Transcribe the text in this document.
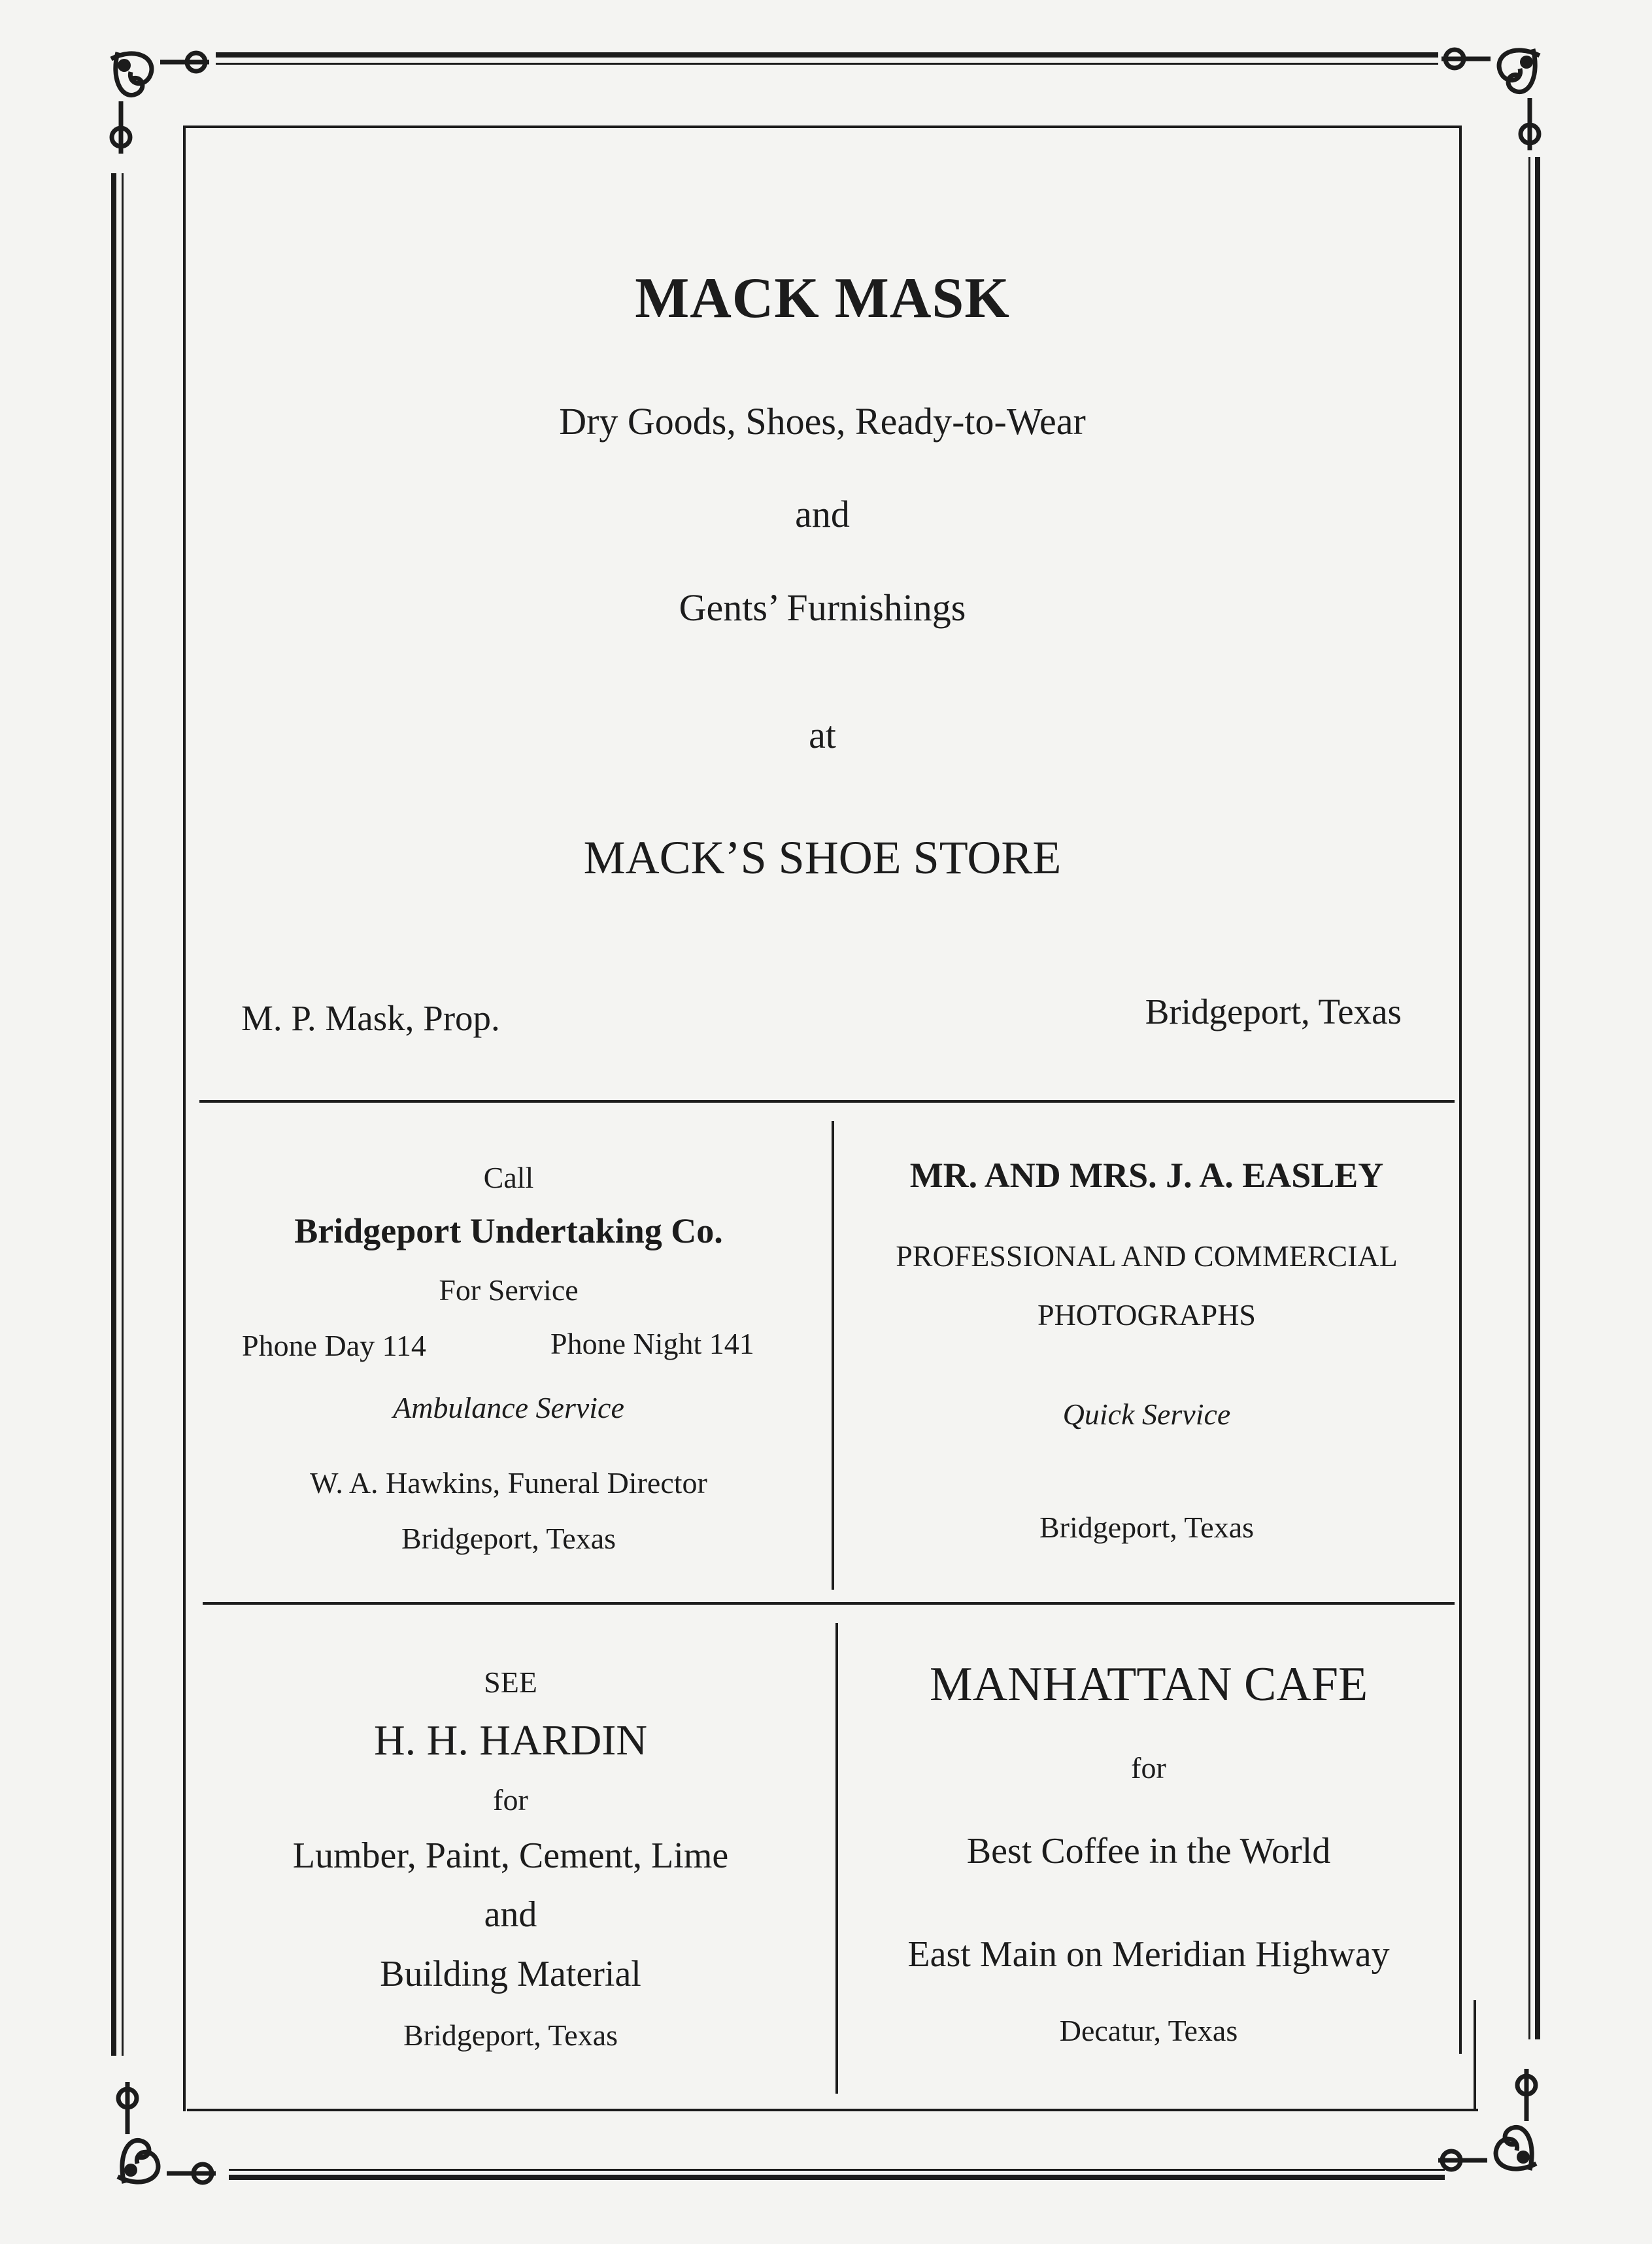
MACK MASK
Dry Goods, Shoes, Ready-to-Wear
and
Gents’ Furnishings
at
MACK’S SHOE STORE
M. P. Mask, Prop.	Bridgeport, Texas
Call
Bridgeport Undertaking Co.
For Service
Phone Day 114	Phone Night 141
Ambulance Service
W. A. Hawkins, Funeral Director
Bridgeport, Texas
MR. AND MRS. J. A. EASLEY
PROFESSIONAL AND COMMERCIAL
PHOTOGRAPHS
Quick Service
Bridgeport, Texas
SEE
H. H. HARDIN
for
Lumber, Paint, Cement, Lime
and
Building Material
Bridgeport, Texas
MANHATTAN CAFE
for
Best Coffee in the World
East Main on Meridian Highway
Decatur, Texas
